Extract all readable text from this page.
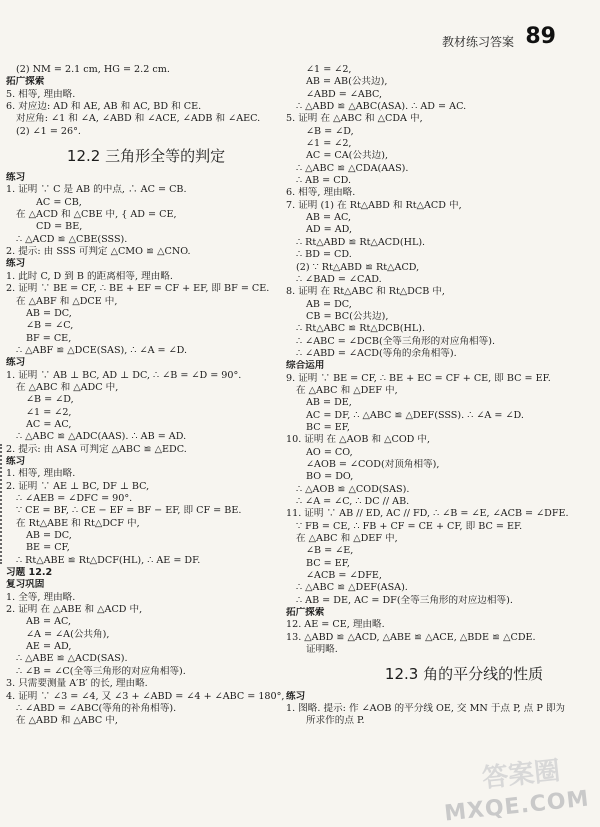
教材练习答案 89
(2) NM = 2.1 cm, HG = 2.2 cm.
拓广探索
5. 相等, 理由略.
6. 对应边: AD 和 AE, AB 和 AC, BD 和 CE.
对应角: ∠1 和 ∠A, ∠ABD 和 ∠ACE, ∠ADB 和 ∠AEC.
(2) ∠1 = 26°.
12.2 三角形全等的判定
练习
1. 证明 ∵ C 是 AB 的中点, ∴ AC = CB.
AC = CB,
在 △ACD 和 △CBE 中, { AD = CE,
CD = BE,
∴ △ACD ≌ △CBE(SSS).
2. 提示: 由 SSS 可判定 △CMO ≌ △CNO.
练习
1. 此时 C, D 到 B 的距离相等, 理由略.
2. 证明 ∵ BE = CF, ∴ BE + EF = CF + EF, 即 BF = CE.
在 △ABF 和 △DCE 中,
AB = DC,
∠B = ∠C,
BF = CE,
∴ △ABF ≌ △DCE(SAS), ∴ ∠A = ∠D.
练习
1. 证明 ∵ AB ⊥ BC, AD ⊥ DC, ∴ ∠B = ∠D = 90°.
在 △ABC 和 △ADC 中,
∠B = ∠D,
∠1 = ∠2,
AC = AC,
∴ △ABC ≌ △ADC(AAS). ∴ AB = AD.
2. 提示: 由 ASA 可判定 △ABC ≌ △EDC.
练习
1. 相等, 理由略.
2. 证明 ∵ AE ⊥ BC, DF ⊥ BC,
∴ ∠AEB = ∠DFC = 90°.
∵ CE = BF, ∴ CE − EF = BF − EF, 即 CF = BE.
在 Rt△ABE 和 Rt△DCF 中,
AB = DC,
BE = CF,
∴ Rt△ABE ≌ Rt△DCF(HL), ∴ AE = DF.
习题 12.2
复习巩固
1. 全等, 理由略.
2. 证明 在 △ABE 和 △ACD 中,
AB = AC,
∠A = ∠A(公共角),
AE = AD,
∴ △ABE ≌ △ACD(SAS).
∴ ∠B = ∠C(全等三角形的对应角相等).
3. 只需要测量 A′B′ 的长, 理由略.
4. 证明 ∵ ∠3 = ∠4, 又 ∠3 + ∠ABD = ∠4 + ∠ABC = 180°,
∴ ∠ABD = ∠ABC(等角的补角相等).
在 △ABD 和 △ABC 中,
∠1 = ∠2,
AB = AB(公共边),
∠ABD = ∠ABC,
∴ △ABD ≌ △ABC(ASA). ∴ AD = AC.
5. 证明 在 △ABC 和 △CDA 中,
∠B = ∠D,
∠1 = ∠2,
AC = CA(公共边),
∴ △ABC ≌ △CDA(AAS).
∴ AB = CD.
6. 相等, 理由略.
7. 证明 (1) 在 Rt△ABD 和 Rt△ACD 中,
AB = AC,
AD = AD,
∴ Rt△ABD ≌ Rt△ACD(HL).
∴ BD = CD.
(2) ∵ Rt△ABD ≌ Rt△ACD,
∴ ∠BAD = ∠CAD.
8. 证明 在 Rt△ABC 和 Rt△DCB 中,
AB = DC,
CB = BC(公共边),
∴ Rt△ABC ≌ Rt△DCB(HL).
∴ ∠ABC = ∠DCB(全等三角形的对应角相等).
∴ ∠ABD = ∠ACD(等角的余角相等).
综合运用
9. 证明 ∵ BE = CF, ∴ BE + EC = CF + CE, 即 BC = EF.
在 △ABC 和 △DEF 中,
AB = DE,
AC = DF, ∴ △ABC ≌ △DEF(SSS). ∴ ∠A = ∠D.
BC = EF,
10. 证明 在 △AOB 和 △COD 中,
AO = CO,
∠AOB = ∠COD(对顶角相等),
BO = DO,
∴ △AOB ≌ △COD(SAS).
∴ ∠A = ∠C, ∴ DC // AB.
11. 证明 ∵ AB // ED, AC // FD, ∴ ∠B = ∠E, ∠ACB = ∠DFE.
∵ FB = CE, ∴ FB + CF = CE + CF, 即 BC = EF.
在 △ABC 和 △DEF 中,
∠B = ∠E,
BC = EF,
∠ACB = ∠DFE,
∴ △ABC ≌ △DEF(ASA).
∴ AB = DE, AC = DF(全等三角形的对应边相等).
拓广探索
12. AE = CE, 理由略.
13. △ABD ≌ △ACD, △ABE ≌ △ACE, △BDE ≌ △CDE.
证明略.
12.3 角的平分线的性质
练习
1. 图略. 提示: 作 ∠AOB 的平分线 OE, 交 MN 于点 P, 点 P 即为
所求作的点 P.
答案圈
MXQE.COM
